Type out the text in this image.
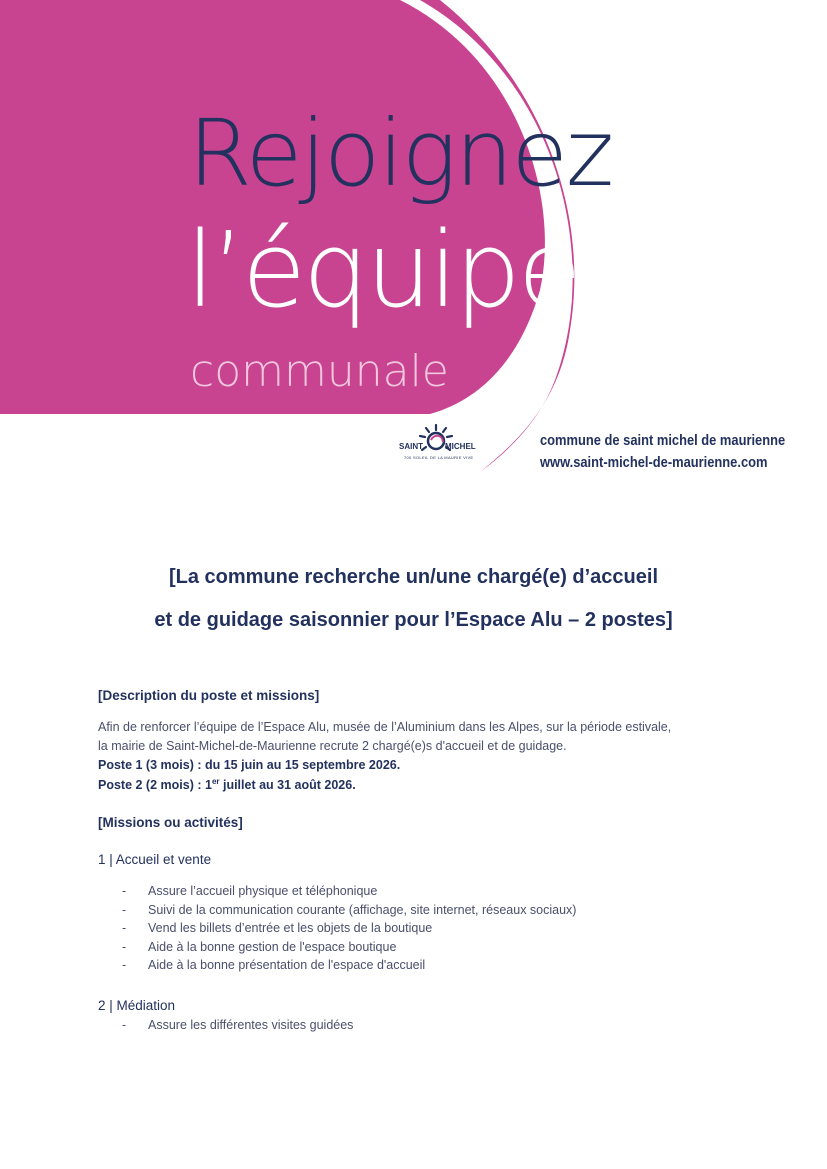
Rejoignez
l’équipe
communale
SAINT	MICHEL
700 SOLEIL DE LA MAURIE VIVE
commune de saint michel de maurienne
www.saint-michel-de-maurienne.com
[La commune recherche un/une chargé(e) d’accueil
et de guidage saisonnier pour l’Espace Alu – 2 postes]
[Description du poste et missions]
Afin de renforcer l’équipe de l’Espace Alu, musée de l’Aluminium dans les Alpes, sur la période estivale,
la mairie de Saint-Michel-de-Maurienne recrute 2 chargé(e)s d'accueil et de guidage.
Poste 1 (3 mois) : du 15 juin au 15 septembre 2026.
Poste 2 (2 mois) : 1er juillet au 31 août 2026.
[Missions ou activités]
1 | Accueil et vente
- Assure l’accueil physique et téléphonique
- Suivi de la communication courante (affichage, site internet, réseaux sociaux)
- Vend les billets d’entrée et les objets de la boutique
- Aide à la bonne gestion de l'espace boutique
- Aide à la bonne présentation de l'espace d'accueil
2 | Médiation
- Assure les différentes visites guidées
